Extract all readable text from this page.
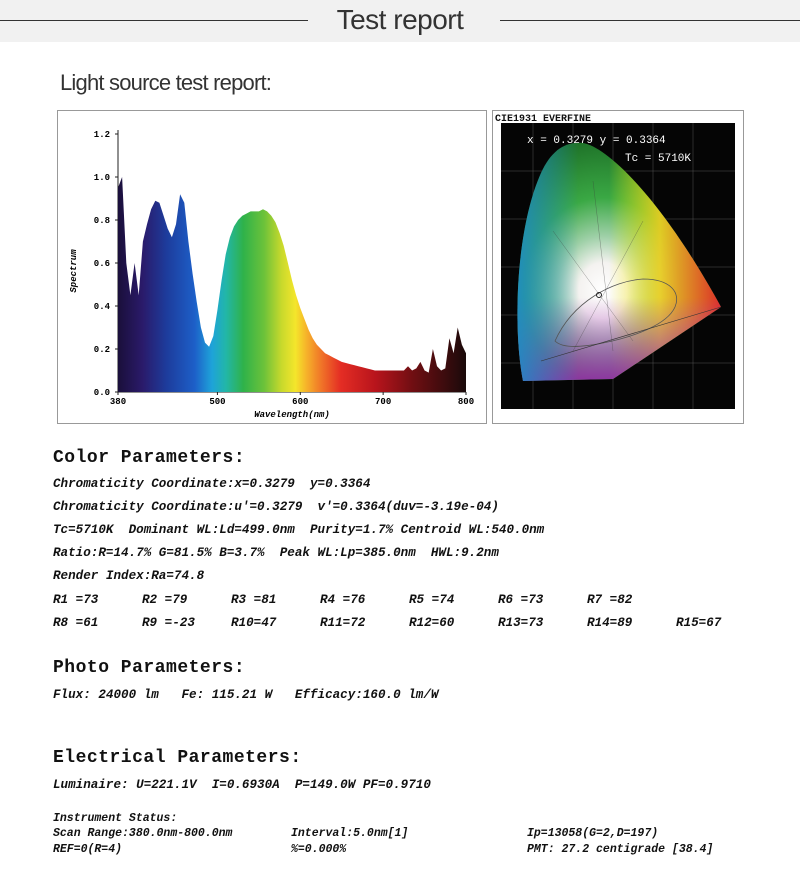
Test report
Light source test report:
1.2
1.0
0.8
0.6
0.4
0.2
0.0
380	500	600	700	800
Spectrum
Wavelength(nm)
CIE1931 EVERFINE
x = 0.3279 y = 0.3364
Tc = 5710K
Color Parameters:
Chromaticity Coordinate:x=0.3279  y=0.3364
Chromaticity Coordinate:u'=0.3279  v'=0.3364(duv=-3.19e-04)
Tc=5710K  Dominant WL:Ld=499.0nm  Purity=1.7% Centroid WL:540.0nm
Ratio:R=14.7% G=81.5% B=3.7%  Peak WL:Lp=385.0nm  HWL:9.2nm
Render Index:Ra=74.8
R1 =73	R2 =79	R3 =81	R4 =76	R5 =74	R6 =73	R7 =82
R8 =61	R9 =-23	R10=47	R11=72	R12=60	R13=73	R14=89	R15=67
Photo Parameters:
Flux: 24000 lm   Fe: 115.21 W   Efficacy:160.0 lm/W
Electrical Parameters:
Luminaire: U=221.1V  I=0.6930A  P=149.0W PF=0.9710
Instrument Status:
Scan Range:380.0nm-800.0nm	Interval:5.0nm[1]	Ip=13058(G=2,D=197)
REF=0(R=4)	%=0.000%	PMT: 27.2 centigrade [38.4]
